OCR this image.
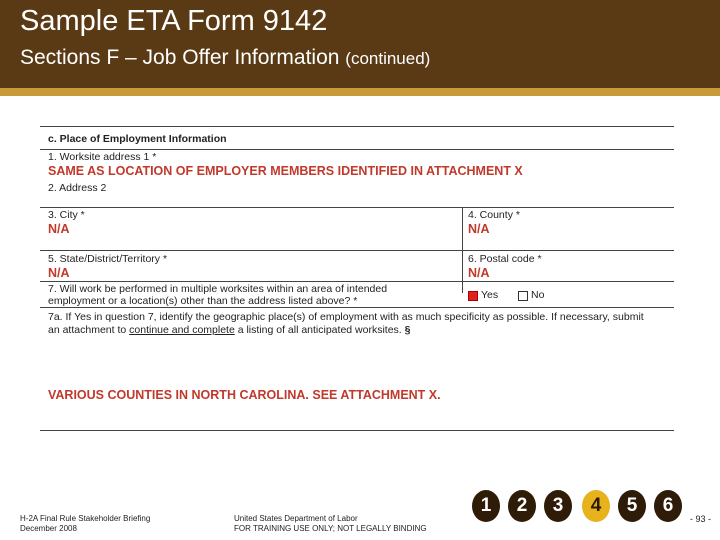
Sample ETA Form 9142
Sections F – Job Offer Information (continued)
c. Place of Employment Information
1. Worksite address 1 *
SAME AS LOCATION OF EMPLOYER MEMBERS IDENTIFIED IN ATTACHMENT X
2. Address 2
3. City *
N/A
4. County *
N/A
5. State/District/Territory *
N/A
6. Postal code *
N/A
7. Will work be performed in multiple worksites within an area of intended
employment or a location(s) other than the address listed above? *	Yes	No
7a. If Yes in question 7, identify the geographic place(s) of employment with as much specificity as possible. If necessary, submit
an attachment to continue and complete a listing of all anticipated worksites. §
VARIOUS COUNTIES IN NORTH CAROLINA. SEE ATTACHMENT X.
H-2A Final Rule Stakeholder Briefing
December 2008
United States Department of Labor
FOR TRAINING USE ONLY; NOT LEGALLY BINDING
1	2	3	4	5	6
- 93 -
